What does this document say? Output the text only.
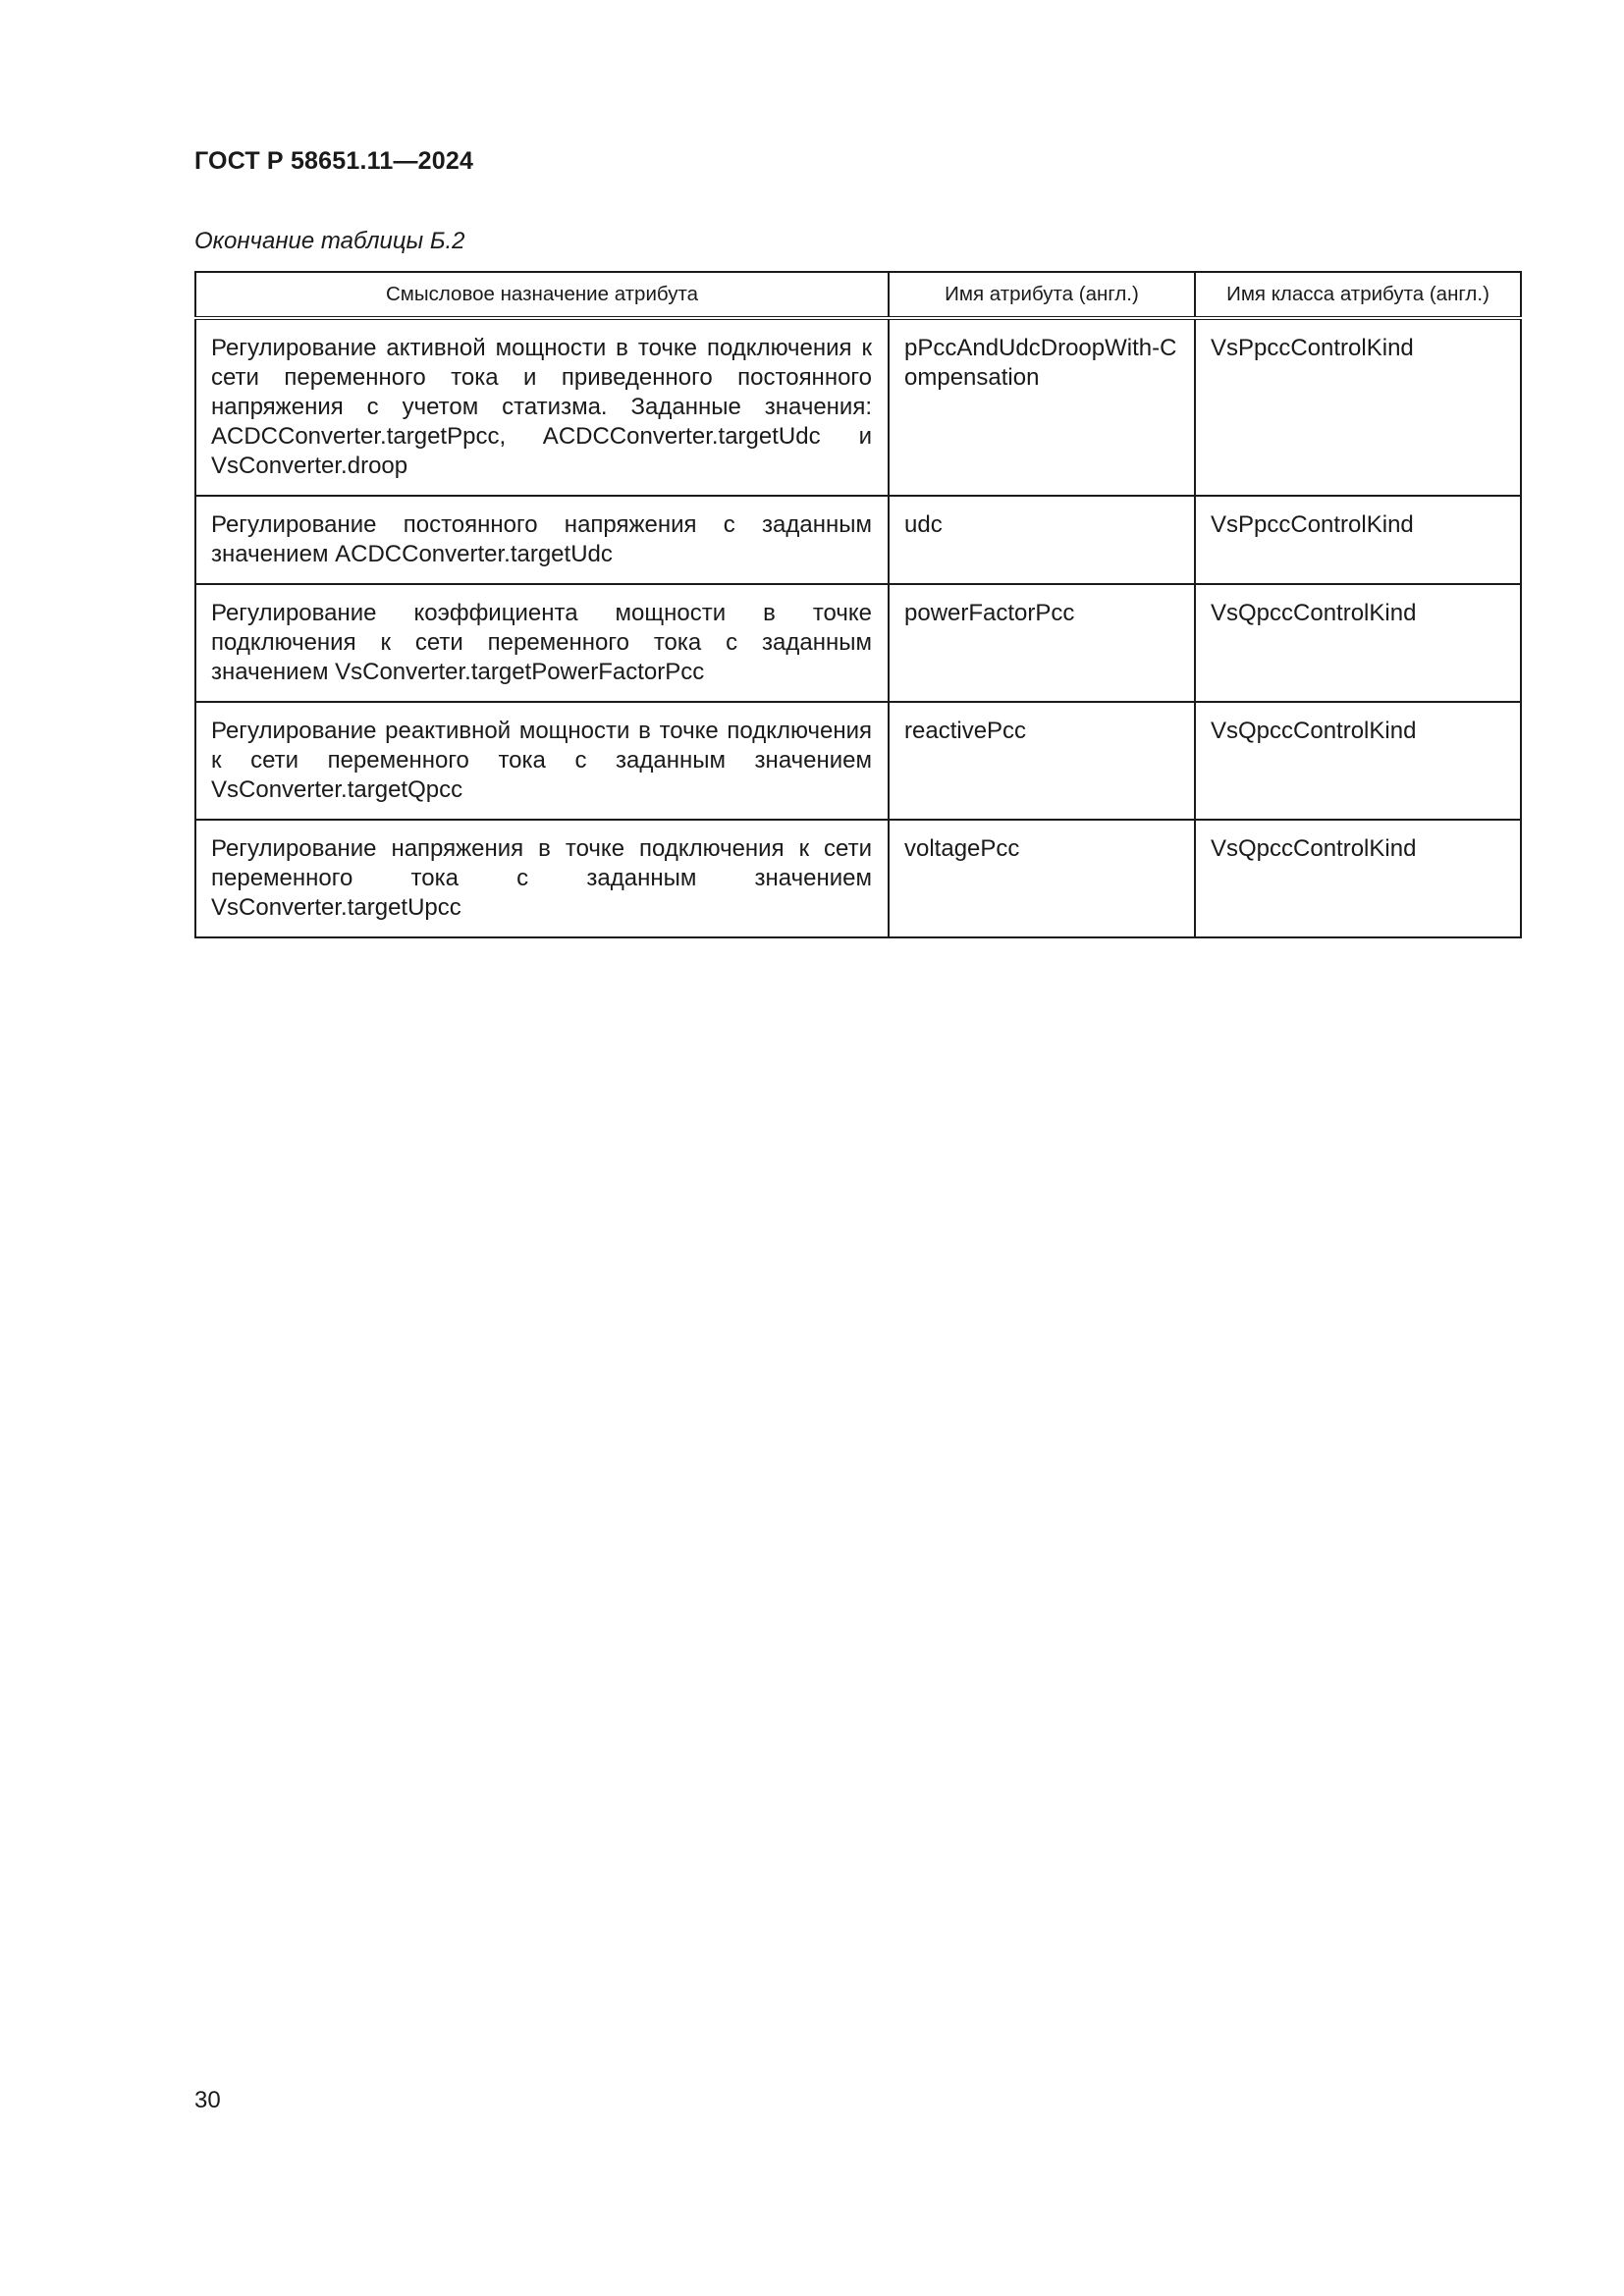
ГОСТ Р 58651.11—2024
Окончание таблицы Б.2
Смысловое назначение атрибута	Имя атрибута (англ.)	Имя класса атрибута (англ.)
Регулирование активной мощности в точке подключения к сети переменного тока и приведенного постоянного напряжения с учетом статизма. Заданные значения: ACDCConverter.targetPpcc, ACDCConverter.targetUdc и VsConverter.droop	pPccAndUdcDroopWith-Compensation	VsPpccControlKind
Регулирование постоянного напряжения с заданным значением ACDCConverter.targetUdc	udc	VsPpccControlKind
Регулирование коэффициента мощности в точке подключения к сети переменного тока с заданным значением VsConverter.targetPowerFactorPcc	powerFactorPcc	VsQpccControlKind
Регулирование реактивной мощности в точке подключения к сети переменного тока с заданным значением VsConverter.targetQpcc	reactivePcc	VsQpccControlKind
Регулирование напряжения в точке подключения к сети переменного тока с заданным значением VsConverter.targetUpcc	voltagePcc	VsQpccControlKind
30
